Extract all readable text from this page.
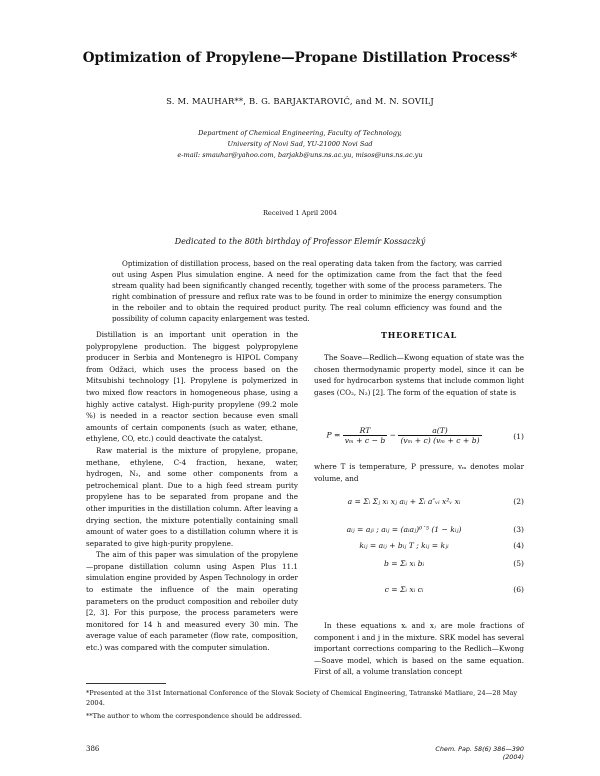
Optimization of Propylene—Propane Distillation Process*
S. M. MAUHAR**, B. G. BARJAKTAROVIĆ, and M. N. SOVILJ
Department of Chemical Engineering, Faculty of Technology,
University of Novi Sad, YU-21000 Novi Sad
e-mail: smauhar@yahoo.com, barjakb@uns.ns.ac.yu, misos@uns.ns.ac.yu
Received 1 April 2004
Dedicated to the 80th birthday of Professor Elemír Kossaczký

Optimization of distillation process, based on the real operating data taken from the factory, was carried out using Aspen Plus simulation engine. A need for the optimization came from the fact that the feed stream quality had been significantly changed recently, together with some of the process parameters. The right combination of pressure and reflux rate was to be found in order to minimize the energy consumption in the reboiler and to obtain the required product purity. The real column efficiency was found and the possibility of column capacity enlargement was tested.

Distillation is an important unit operation in the polypropylene production. The biggest polypropylene producer in Serbia and Montenegro is HIPOL Company from Odžaci, which uses the process based on the Mitsubishi technology [1]. Propylene is polymerized in two mixed flow reactors in homogeneous phase, using a highly active catalyst. High-purity propylene (99.2 mole %) is needed in a reactor section because even small amounts of certain components (such as water, ethane, ethylene, CO, etc.) could deactivate the catalyst.

Raw material is the mixture of propylene, propane, methane, ethylene, C-4 fraction, hexane, water, hydrogen, N₂, and some other components from a petrochemical plant. Due to a high feed stream purity propylene has to be separated from propane and the other impurities in the distillation column. After leaving a drying section, the mixture potentially containing small amount of water goes to a distillation column where it is separated to give high-purity propylene.

The aim of this paper was simulation of the propylene—propane distillation column using Aspen Plus 11.1 simulation engine provided by Aspen Technology in order to estimate the influence of the main operating parameters on the product composition and reboiler duty [2, 3]. For this purpose, the process parameters were monitored for 14 h and measured every 30 min. The average value of each parameter (flow rate, composition, etc.) was compared with the computer simulation.

THEORETICAL

The Soave—Redlich—Kwong equation of state was the chosen thermodynamic property model, since it can be used for hydrocarbon systems that include common light gases (CO₂, N₂) [2]. The form of the equation of state is

$P = \frac{RT}{\text{vₘ + c − b}} - \frac{a(T)}{\text{(vₘ + c) (vₘ + c + b)}}$	(1)

where T is temperature, P pressure, vₘ denotes molar volume, and

a = Σᵢ Σⱼ xᵢ xⱼ aᵢⱼ + Σᵢ a″ᵥᵢ x²ᵥ xᵢ	(2)
aᵢⱼ = aⱼᵢ ; aᵢⱼ = (aᵢaⱼ)⁰˙⁵ (1 − kᵢⱼ)	(3)
kᵢⱼ = aᵢⱼ + bᵢⱼ T ; kᵢⱼ = kⱼᵢ	(4)
b = Σᵢ xᵢ bᵢ	(5)
c = Σᵢ xᵢ cᵢ	(6)

In these equations xᵢ and xⱼ are mole fractions of component i and j in the mixture. SRK model has several important corrections comparing to the Redlich—Kwong—Soave model, which is based on the same equation. First of all, a volume translation concept

*Presented at the 31st International Conference of the Slovak Society of Chemical Engineering, Tatranské Matliare, 24—28 May 2004.
**The author to whom the correspondence should be addressed.
386	Chem. Pap. 58(6) 386—390 (2004)
